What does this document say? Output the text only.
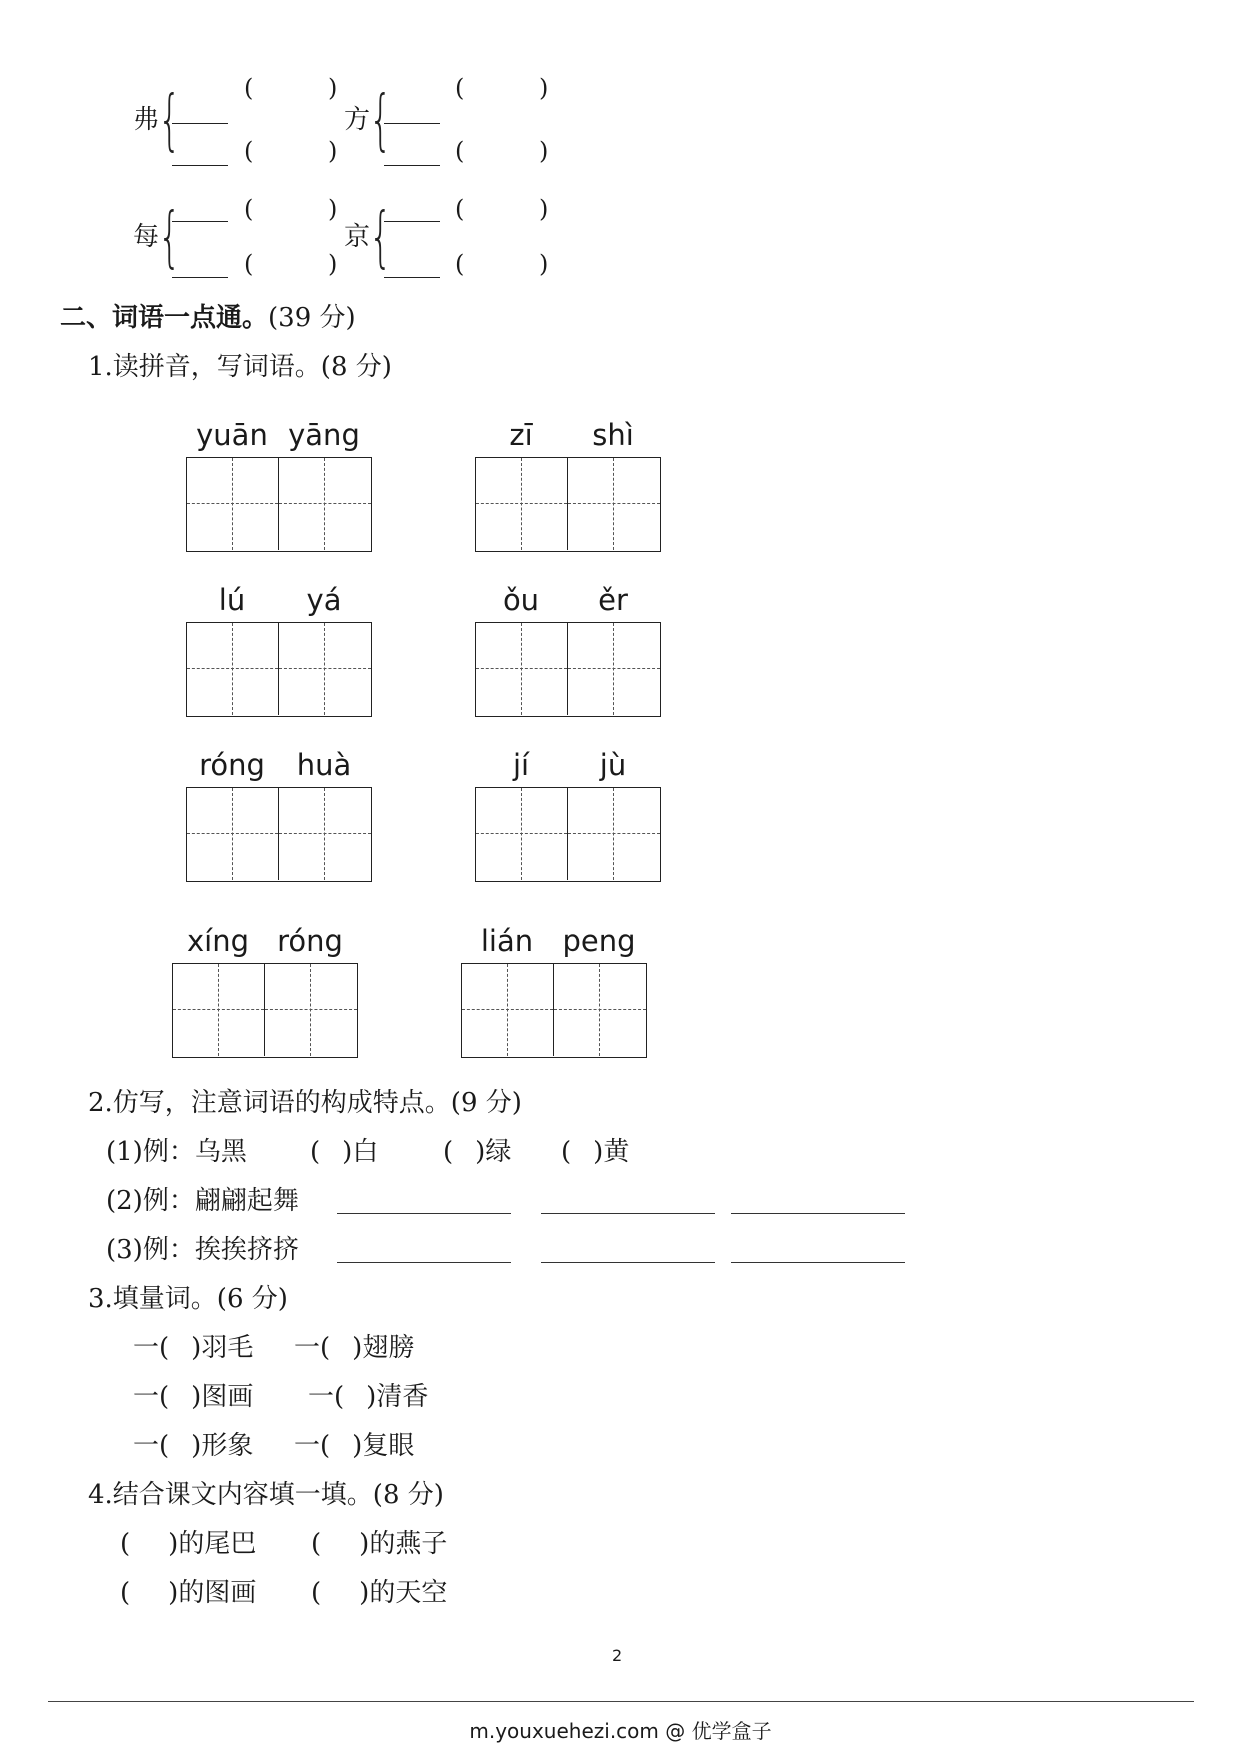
弗
{	(	)
(	)
方
{	(	)
(	)
每
{	(	)
(	)
京
{	(	)
(	)
二、词语一点通。(39 分)
1.读拼音，写词语。(8 分)
yuān yāng	zī	shì
lú	yá	ǒu	ěr
róng	huà	jí	jù
xíng róng	lián	peng
2.仿写，注意词语的构成特点。(9 分)
(1)例：乌黑 ( )白 ( )绿 ( )黄
(2)例：翩翩起舞
(3)例：挨挨挤挤
3.填量词。(6 分)
一( )羽毛 一( )翅膀
一( )图画 一( )清香
一( )形象 一( )复眼
4.结合课文内容填一填。(8 分)
( )的尾巴 ( )的燕子
( )的图画 ( )的天空
2
m.youxuehezi.com @ 优学盒子
